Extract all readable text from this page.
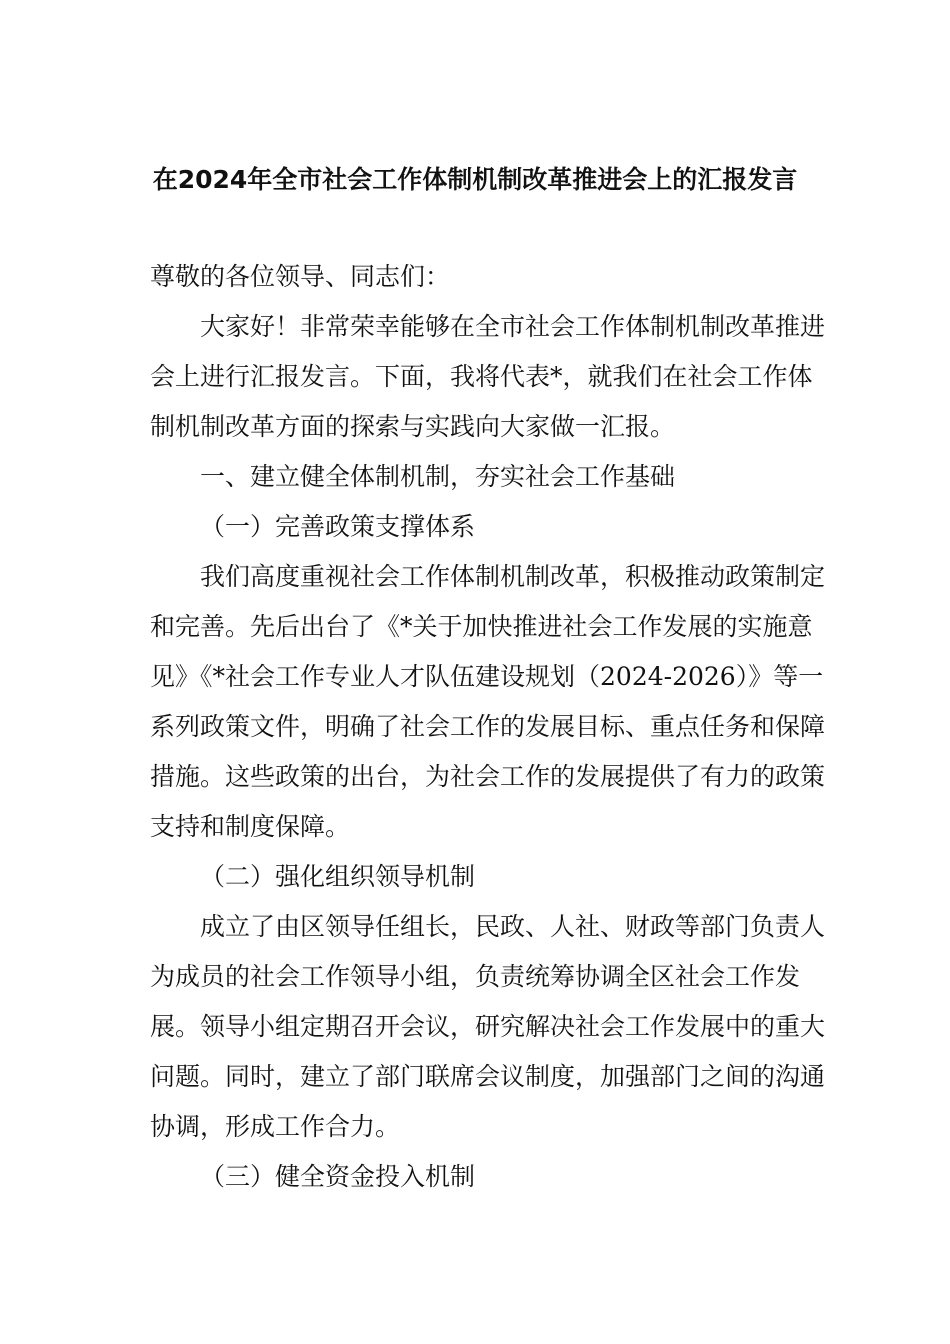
在2024年全市社会工作体制机制改革推进会上的汇报发言

尊敬的各位领导、同志们：

大家好！非常荣幸能够在全市社会工作体制机制改革推进会上进行汇报发言。下面，我将代表*，就我们在社会工作体制机制改革方面的探索与实践向大家做一汇报。

一、建立健全体制机制，夯实社会工作基础

（一）完善政策支撑体系

我们高度重视社会工作体制机制改革，积极推动政策制定和完善。先后出台了《*关于加快推进社会工作发展的实施意见》《*社会工作专业人才队伍建设规划（2024-2026）》等一系列政策文件，明确了社会工作的发展目标、重点任务和保障措施。这些政策的出台，为社会工作的发展提供了有力的政策支持和制度保障。

（二）强化组织领导机制

成立了由区领导任组长，民政、人社、财政等部门负责人为成员的社会工作领导小组，负责统筹协调全区社会工作发展。领导小组定期召开会议，研究解决社会工作发展中的重大问题。同时，建立了部门联席会议制度，加强部门之间的沟通协调，形成工作合力。

（三）健全资金投入机制
